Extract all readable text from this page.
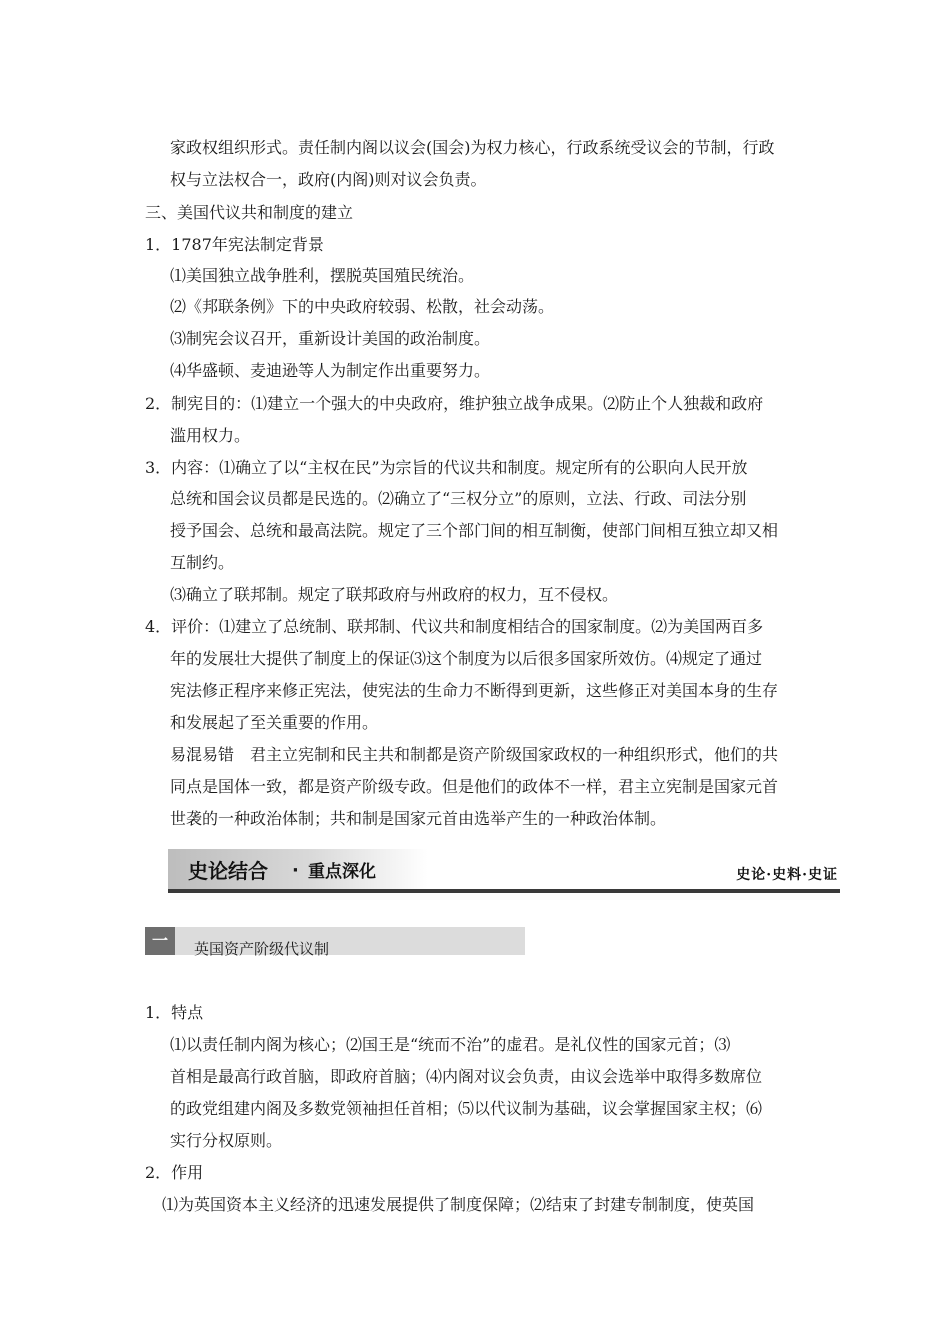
家政权组织形式。责任制内阁以议会(国会)为权力核心，行政系统受议会的节制，行政
权与立法权合一，政府(内阁)则对议会负责。
三、美国代议共和制度的建立
1．1787年宪法制定背景
⑴美国独立战争胜利，摆脱英国殖民统治。
⑵《邦联条例》下的中央政府较弱、松散，社会动荡。
⑶制宪会议召开，重新设计美国的政治制度。
⑷华盛顿、麦迪逊等人为制定作出重要努力。
2．制宪目的：⑴建立一个强大的中央政府，维护独立战争成果。⑵防止个人独裁和政府
滥用权力。
3．内容：⑴确立了以“主权在民”为宗旨的代议共和制度。规定所有的公职向人民开放
总统和国会议员都是民选的。⑵确立了“三权分立”的原则，立法、行政、司法分别
授予国会、总统和最高法院。规定了三个部门间的相互制衡，使部门间相互独立却又相
互制约。
⑶确立了联邦制。规定了联邦政府与州政府的权力，互不侵权。
4．评价：⑴建立了总统制、联邦制、代议共和制度相结合的国家制度。⑵为美国两百多
年的发展壮大提供了制度上的保证⑶这个制度为以后很多国家所效仿。⑷规定了通过
宪法修正程序来修正宪法，使宪法的生命力不断得到更新，这些修正对美国本身的生存
和发展起了至关重要的作用。
易混易错　君主立宪制和民主共和制都是资产阶级国家政权的一种组织形式，他们的共
同点是国体一致，都是资产阶级专政。但是他们的政体不一样，君主立宪制是国家元首
世袭的一种政治体制；共和制是国家元首由选举产生的一种政治体制。
史论结合 · 重点深化	史论·史料·史证
一	英国资产阶级代议制
1．特点
⑴以责任制内阁为核心；⑵国王是“统而不治”的虚君。是礼仪性的国家元首；⑶
首相是最高行政首脑，即政府首脑；⑷内阁对议会负责，由议会选举中取得多数席位
的政党组建内阁及多数党领袖担任首相；⑸以代议制为基础，议会掌握国家主权；⑹
实行分权原则。
2．作用
⑴为英国资本主义经济的迅速发展提供了制度保障；⑵结束了封建专制制度，使英国
